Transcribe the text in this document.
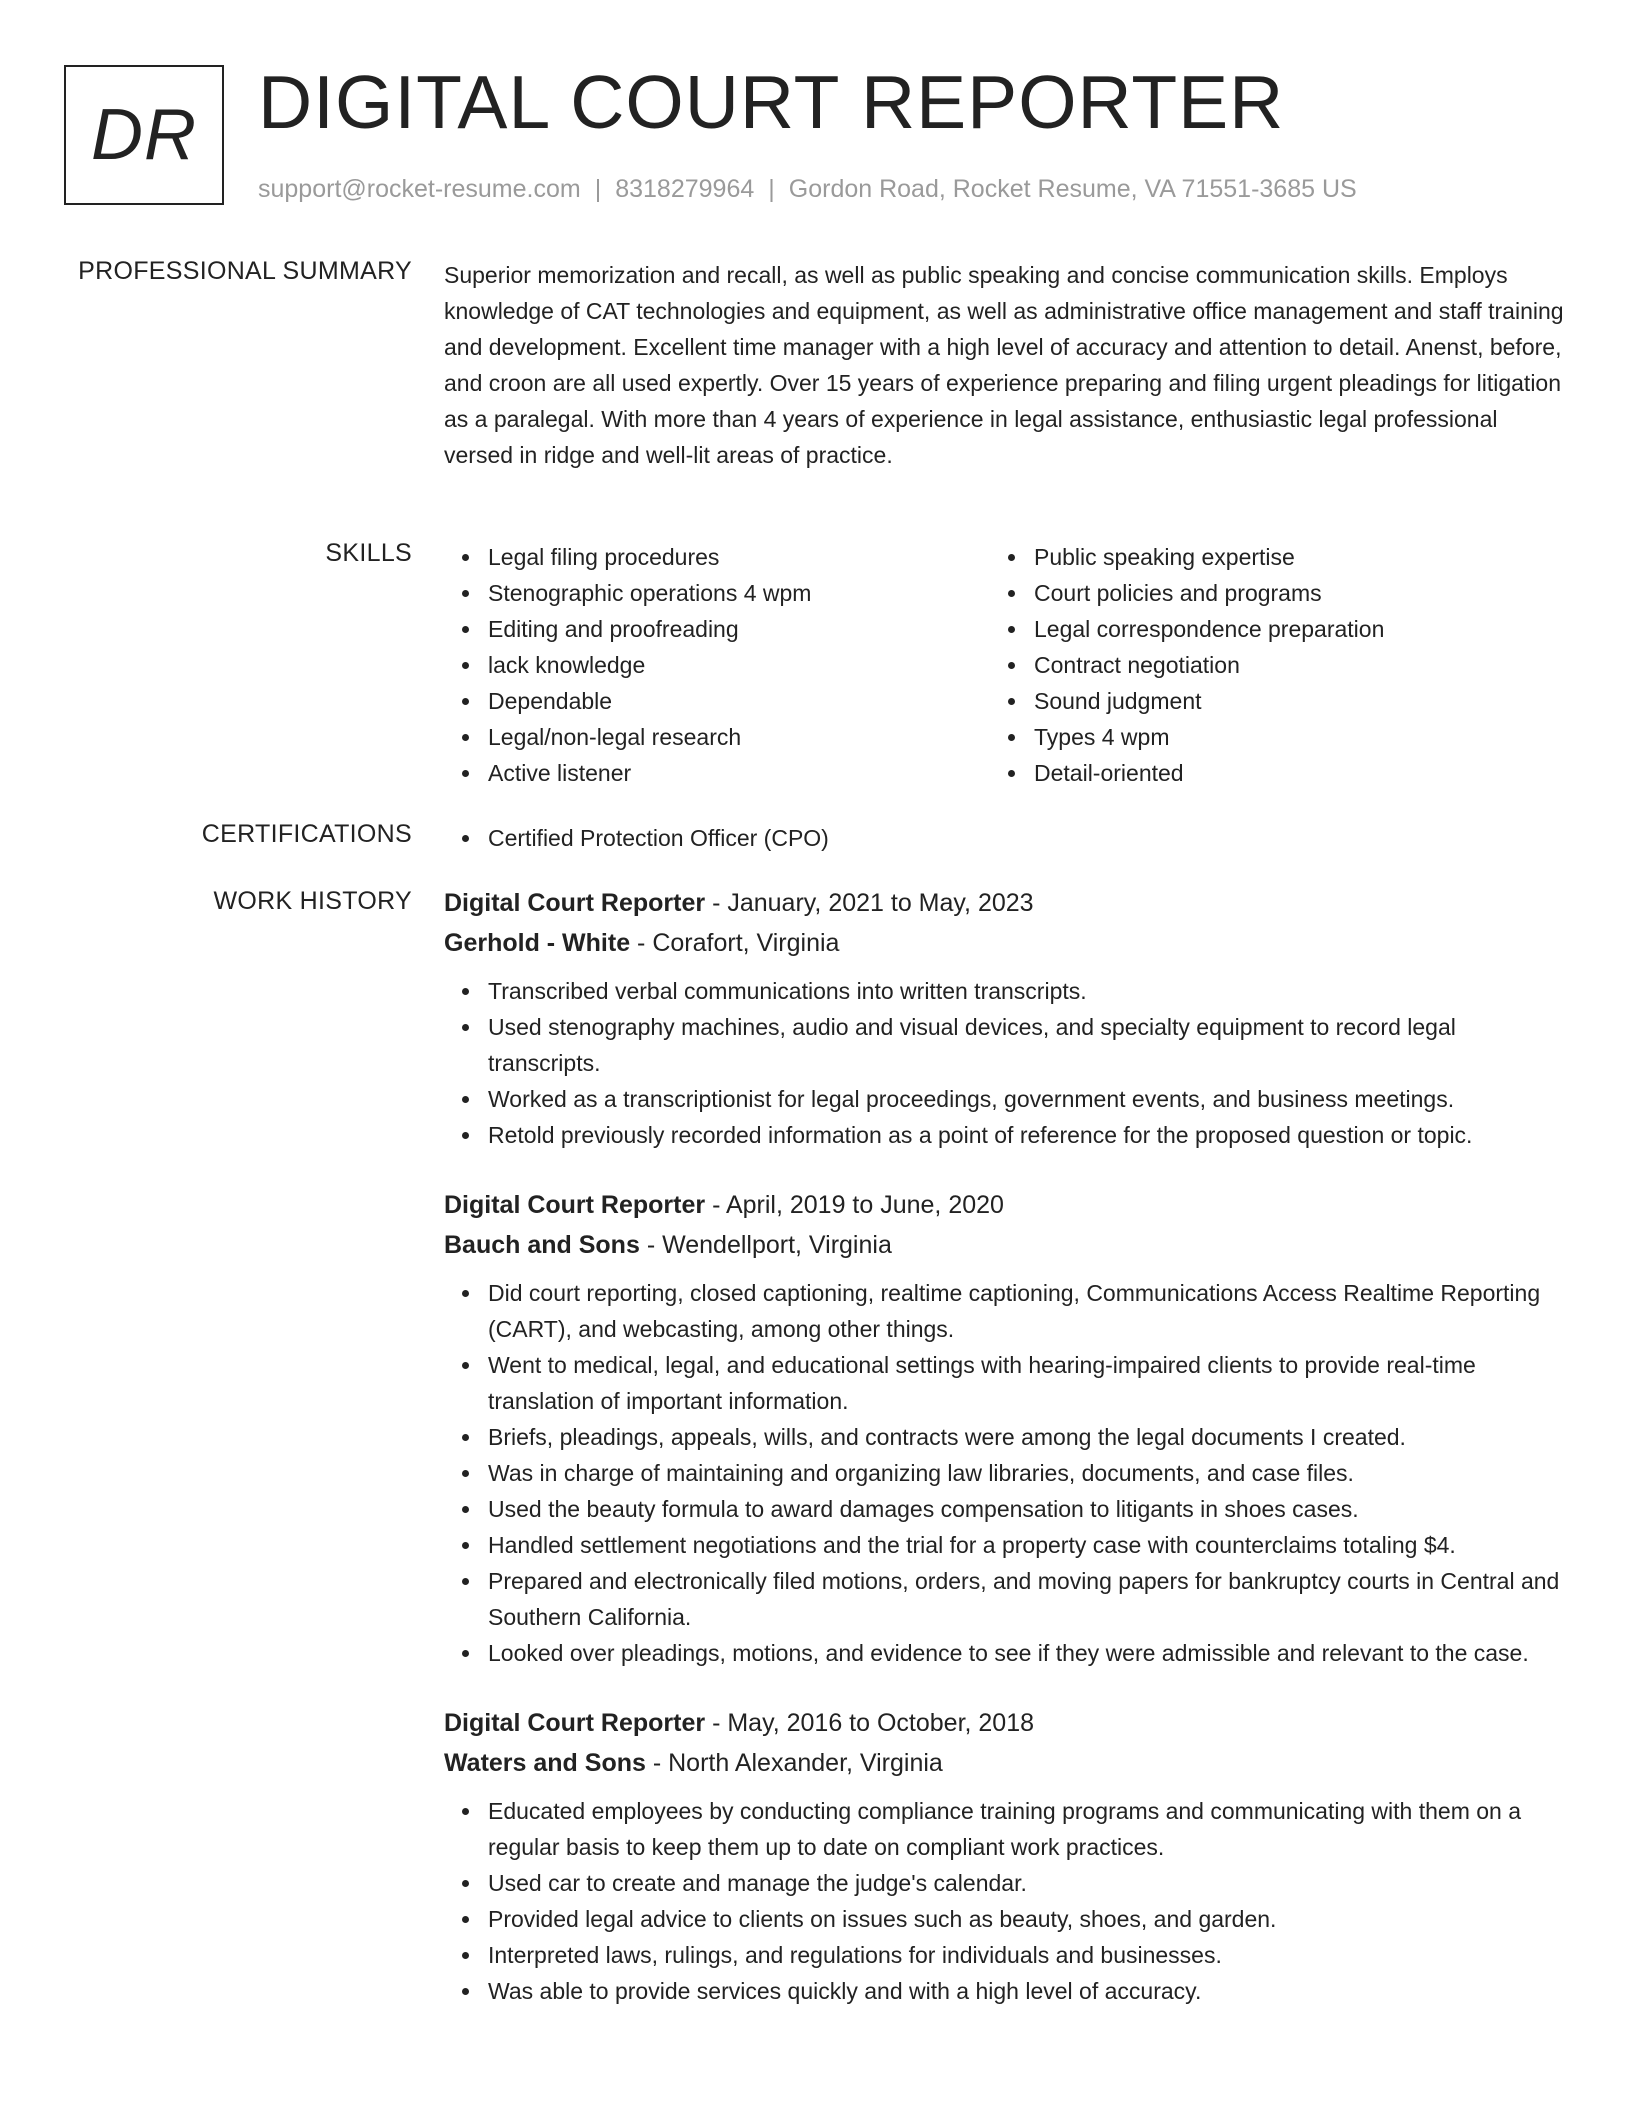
DR DIGITAL COURT REPORTER
support@rocket-resume.com | 8318279964 | Gordon Road, Rocket Resume, VA 71551-3685 US
PROFESSIONAL SUMMARY Superior memorization and recall, as well as public speaking and concise communication skills. Employs knowledge of CAT technologies and equipment, as well as administrative office management and staff training and development. Excellent time manager with a high level of accuracy and attention to detail. Anenst, before, and croon are all used expertly. Over 15 years of experience preparing and filing urgent pleadings for litigation as a paralegal. With more than 4 years of experience in legal assistance, enthusiastic legal professional versed in ridge and well-lit areas of practice.

SKILLS	Legal filing procedures
Stenographic operations 4 wpm
Editing and proofreading
lack knowledge
Dependable
Legal/non-legal research
Active listener
Public speaking expertise
Court policies and programs
Legal correspondence preparation
Contract negotiation
Sound judgment
Types 4 wpm
Detail-oriented
CERTIFICATIONS	Certified Protection Officer (CPO)
WORK HISTORY Digital Court Reporter - January, 2021 to May, 2023
Gerhold - White - Corafort, Virginia
Transcribed verbal communications into written transcripts.
Used stenography machines, audio and visual devices, and specialty equipment to record legal transcripts.
Worked as a transcriptionist for legal proceedings, government events, and business meetings.
Retold previously recorded information as a point of reference for the proposed question or topic.
Digital Court Reporter - April, 2019 to June, 2020
Bauch and Sons - Wendellport, Virginia
Did court reporting, closed captioning, realtime captioning, Communications Access Realtime Reporting (CART), and webcasting, among other things.
Went to medical, legal, and educational settings with hearing-impaired clients to provide real-time translation of important information.
Briefs, pleadings, appeals, wills, and contracts were among the legal documents I created.
Was in charge of maintaining and organizing law libraries, documents, and case files.
Used the beauty formula to award damages compensation to litigants in shoes cases.
Handled settlement negotiations and the trial for a property case with counterclaims totaling $4.
Prepared and electronically filed motions, orders, and moving papers for bankruptcy courts in Central and Southern California.
Looked over pleadings, motions, and evidence to see if they were admissible and relevant to the case.
Digital Court Reporter - May, 2016 to October, 2018
Waters and Sons - North Alexander, Virginia
Educated employees by conducting compliance training programs and communicating with them on a regular basis to keep them up to date on compliant work practices.
Used car to create and manage the judge's calendar.
Provided legal advice to clients on issues such as beauty, shoes, and garden.
Interpreted laws, rulings, and regulations for individuals and businesses.
Was able to provide services quickly and with a high level of accuracy.
